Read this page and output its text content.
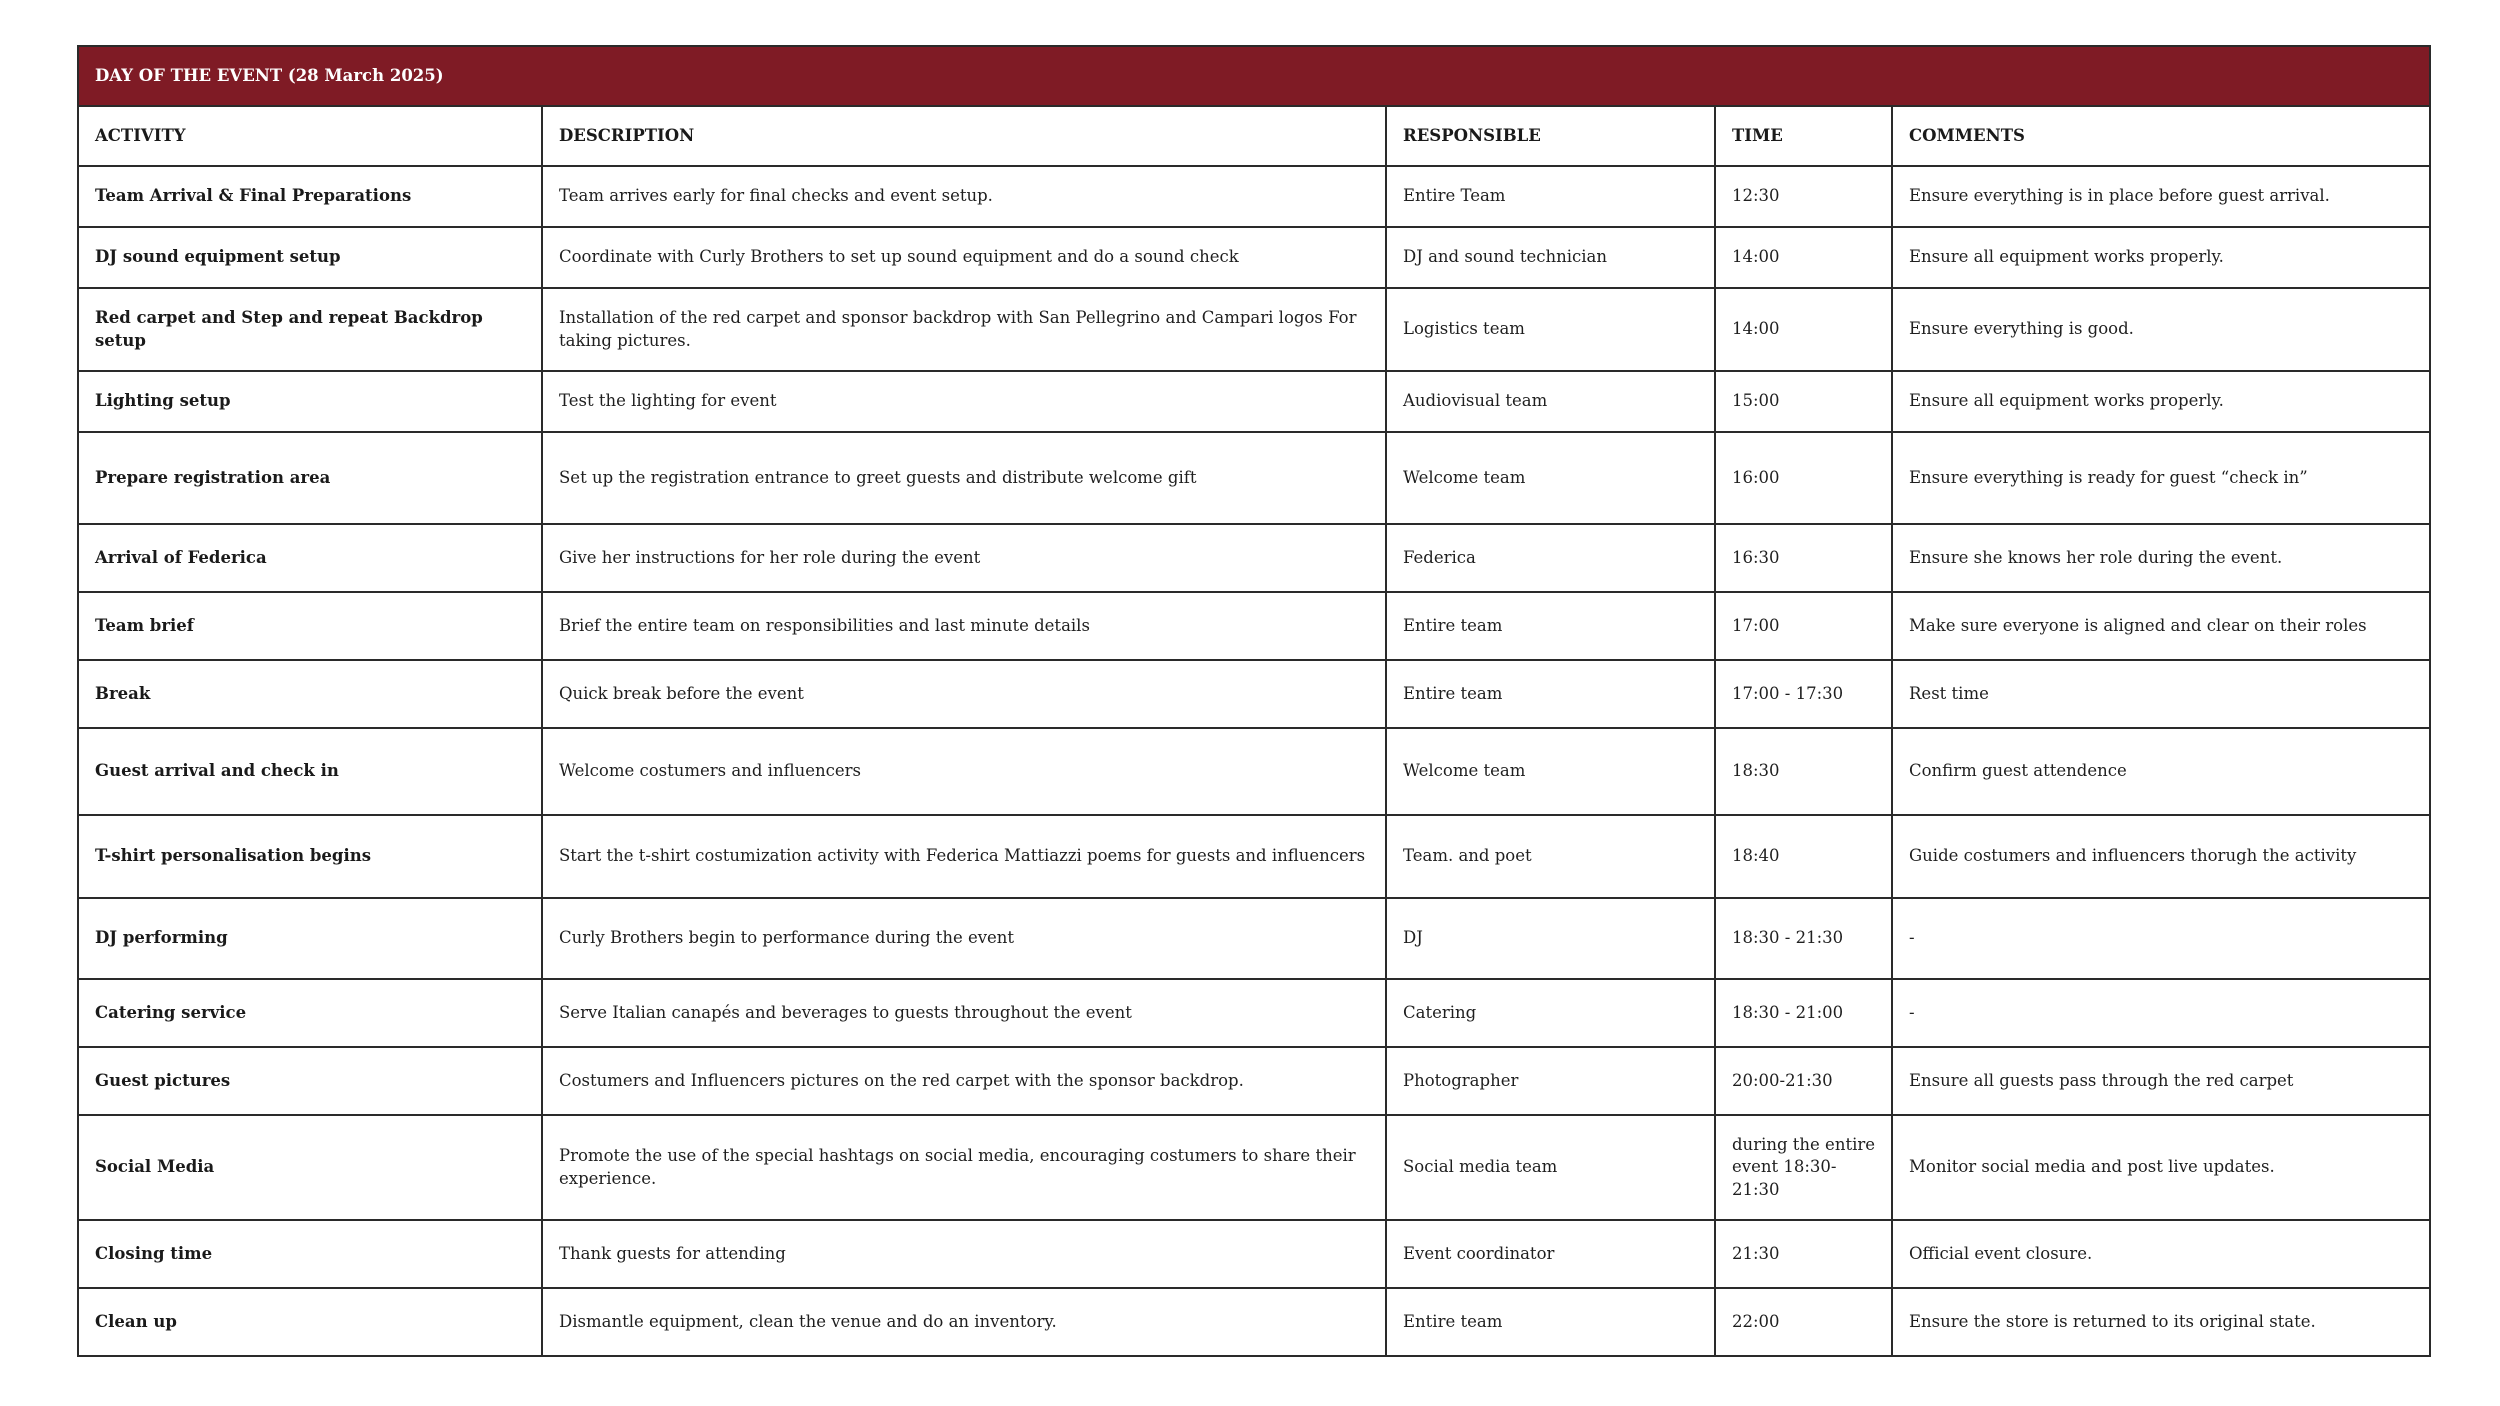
DAY OF THE EVENT (28 March 2025)				
ACTIVITY	DESCRIPTION	RESPONSIBLE	TIME	COMMENTS
Team Arrival & Final Preparations	Team arrives early for final checks and event setup.	Entire Team	12:30	Ensure everything is in place before guest arrival.
DJ sound equipment setup	Coordinate with Curly Brothers to set up sound equipment and do a sound check	DJ and sound technician	14:00	Ensure all equipment works properly.
Red carpet and Step and repeat Backdrop setup	Installation of the red carpet and sponsor backdrop with San Pellegrino and Campari logos For taking pictures.	Logistics team	14:00	Ensure everything is good.
Lighting setup	Test the lighting for event	Audiovisual team	15:00	Ensure all equipment works properly.
Prepare registration area	Set up the registration entrance to greet guests and distribute welcome gift	Welcome team	16:00	Ensure everything is ready for guest “check in”
Arrival of Federica	Give her instructions for her role during the event	Federica	16:30	Ensure she knows her role during the event.
Team brief	Brief the entire team on responsibilities and last minute details	Entire team	17:00	Make sure everyone is aligned and clear on their roles
Break	Quick break before the event	Entire team	17:00 - 17:30	Rest time
Guest arrival and check in	Welcome costumers and influencers	Welcome team	18:30	Confirm guest attendence
T-shirt personalisation begins	Start the t-shirt costumization activity with Federica Mattiazzi poems for guests and influencers	Team. and poet	18:40	Guide costumers and influencers thorugh the activity
DJ performing	Curly Brothers begin to performance during the event	DJ	18:30 - 21:30	-
Catering service	Serve Italian canapés and beverages to guests throughout the event	Catering	18:30 - 21:00	-
Guest pictures	Costumers and Influencers pictures on the red carpet with the sponsor backdrop.	Photographer	20:00-21:30	Ensure all guests pass through the red carpet
Social Media	Promote the use of the special hashtags on social media, encouraging costumers to share their experience.	Social media team	during the entire event 18:30-21:30	Monitor social media and post live updates.
Closing time	Thank guests for attending	Event coordinator	21:30	Official event closure.
Clean up	Dismantle equipment, clean the venue and do an inventory.	Entire team	22:00	Ensure the store is returned to its original state.
